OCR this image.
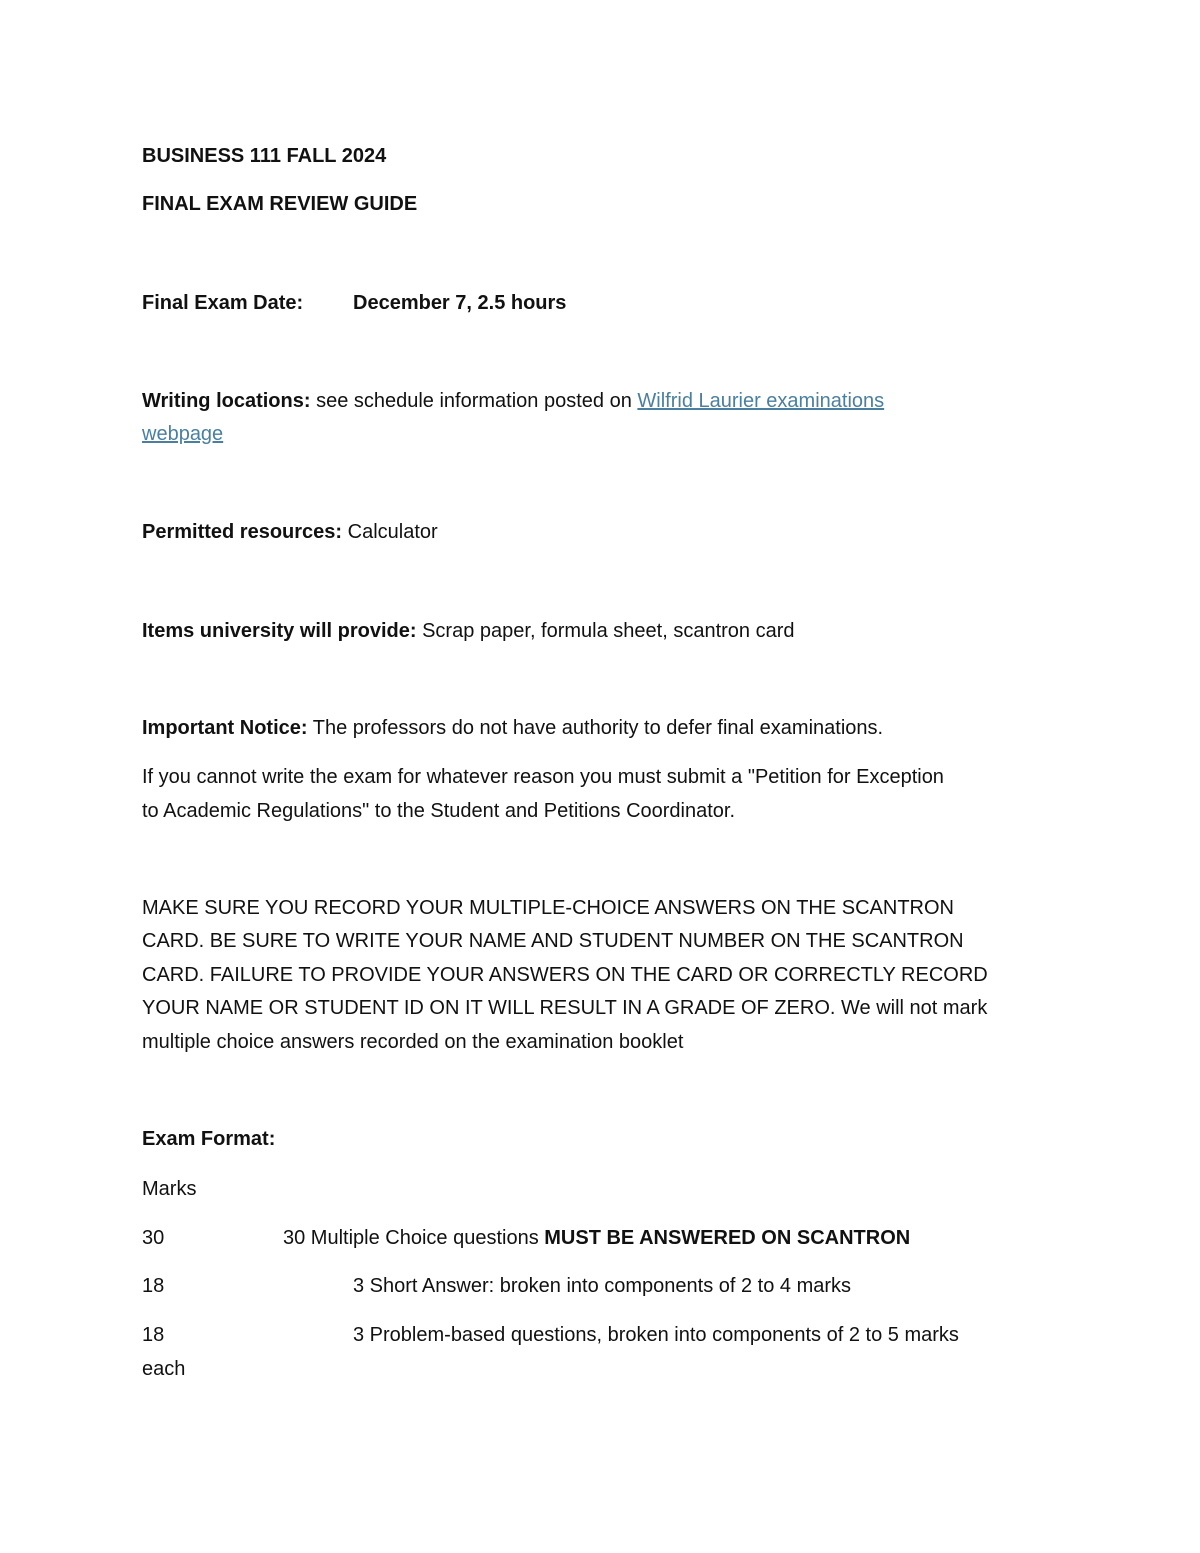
BUSINESS 111 FALL 2024
FINAL EXAM REVIEW GUIDE
Final Exam Date: December 7, 2.5 hours
Writing locations: see schedule information posted on Wilfrid Laurier examinations
webpage
Permitted resources: Calculator
Items university will provide: Scrap paper, formula sheet, scantron card
Important Notice: The professors do not have authority to defer final examinations.
If you cannot write the exam for whatever reason you must submit a "Petition for Exception
to Academic Regulations" to the Student and Petitions Coordinator.
MAKE SURE YOU RECORD YOUR MULTIPLE-CHOICE ANSWERS ON THE SCANTRON
CARD. BE SURE TO WRITE YOUR NAME AND STUDENT NUMBER ON THE SCANTRON
CARD. FAILURE TO PROVIDE YOUR ANSWERS ON THE CARD OR CORRECTLY RECORD
YOUR NAME OR STUDENT ID ON IT WILL RESULT IN A GRADE OF ZERO. We will not mark
multiple choice answers recorded on the examination booklet
Exam Format:
Marks
30	30 Multiple Choice questions MUST BE ANSWERED ON SCANTRON
18	3 Short Answer: broken into components of 2 to 4 marks
18	3 Problem-based questions, broken into components of 2 to 5 marks
each
